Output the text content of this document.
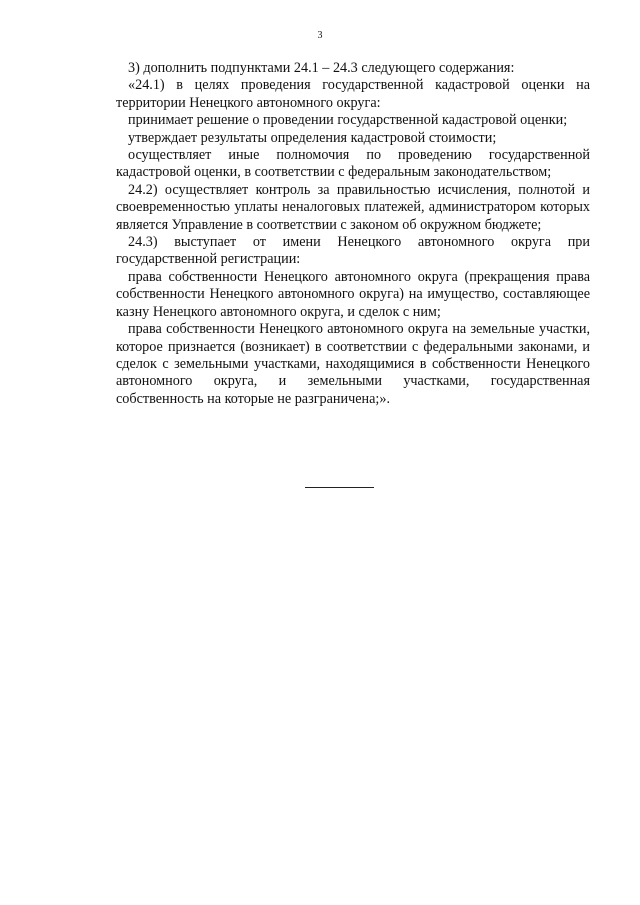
3

3) дополнить подпунктами 24.1 – 24.3 следующего содержания:

«24.1) в целях проведения государственной кадастровой оценки на территории Ненецкого автономного округа:

принимает решение о проведении государственной кадастровой оценки;

утверждает результаты определения кадастровой стоимости;

осуществляет иные полномочия по проведению государственной кадастровой оценки, в соответствии с федеральным законодательством;

24.2) осуществляет контроль за правильностью исчисления, полнотой и своевременностью уплаты неналоговых платежей, администратором которых является Управление в соответствии с законом об окружном бюджете;

24.3) выступает от имени Ненецкого автономного округа при государственной регистрации:

права собственности Ненецкого автономного округа (прекращения права собственности Ненецкого автономного округа) на имущество, составляющее казну Ненецкого автономного округа, и сделок с ним;

права собственности Ненецкого автономного округа на земельные участки, которое признается (возникает) в соответствии с федеральными законами, и сделок с земельными участками, находящимися в собственности Ненецкого автономного округа, и земельными участками, государственная собственность на которые не разграничена;».
